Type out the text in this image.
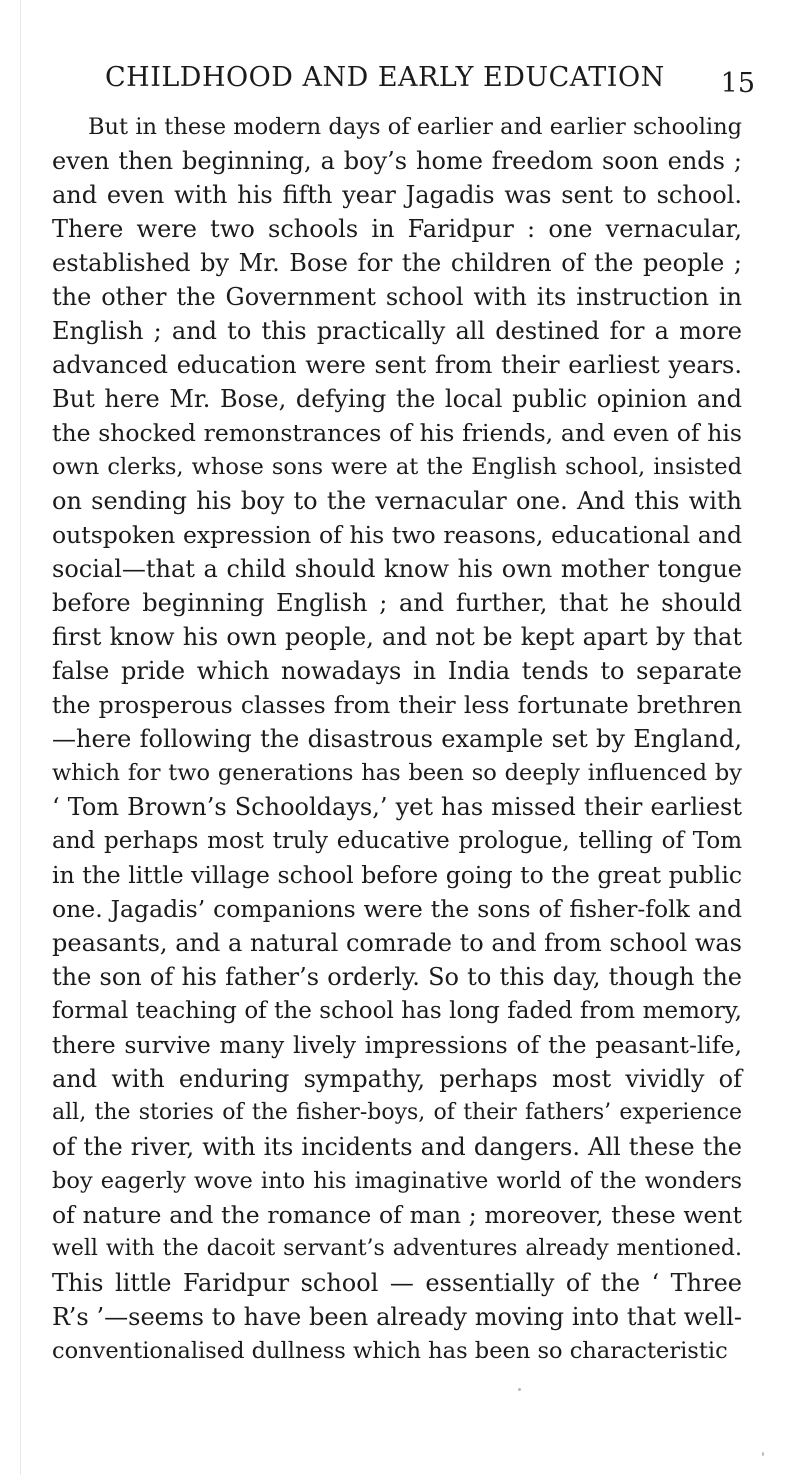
CHILDHOOD AND EARLY EDUCATION 15
But in these modern days of earlier and earlier schooling
even then beginning, a boy’s home freedom soon ends ;
and even with his fifth year Jagadis was sent to school.
There were two schools in Faridpur : one vernacular,
established by Mr. Bose for the children of the people ;
the other the Government school with its instruction in
English ; and to this practically all destined for a more
advanced education were sent from their earliest years.
But here Mr. Bose, defying the local public opinion and
the shocked remonstrances of his friends, and even of his
own clerks, whose sons were at the English school, insisted
on sending his boy to the vernacular one. And this with
outspoken expression of his two reasons, educational and
social—that a child should know his own mother tongue
before beginning English ; and further, that he should
first know his own people, and not be kept apart by that
false pride which nowadays in India tends to separate
the prosperous classes from their less fortunate brethren
—here following the disastrous example set by England,
which for two generations has been so deeply influenced by
‘ Tom Brown’s Schooldays,’ yet has missed their earliest
and perhaps most truly educative prologue, telling of Tom
in the little village school before going to the great public
one. Jagadis’ companions were the sons of fisher-folk and
peasants, and a natural comrade to and from school was
the son of his father’s orderly. So to this day, though the
formal teaching of the school has long faded from memory,
there survive many lively impressions of the peasant-life,
and with enduring sympathy, perhaps most vividly of
all, the stories of the fisher-boys, of their fathers’ experience
of the river, with its incidents and dangers. All these the
boy eagerly wove into his imaginative world of the wonders
of nature and the romance of man ; moreover, these went
well with the dacoit servant’s adventures already mentioned.
This little Faridpur school — essentially of the ‘ Three
R’s ’—seems to have been already moving into that well-
conventionalised dullness which has been so characteristic
